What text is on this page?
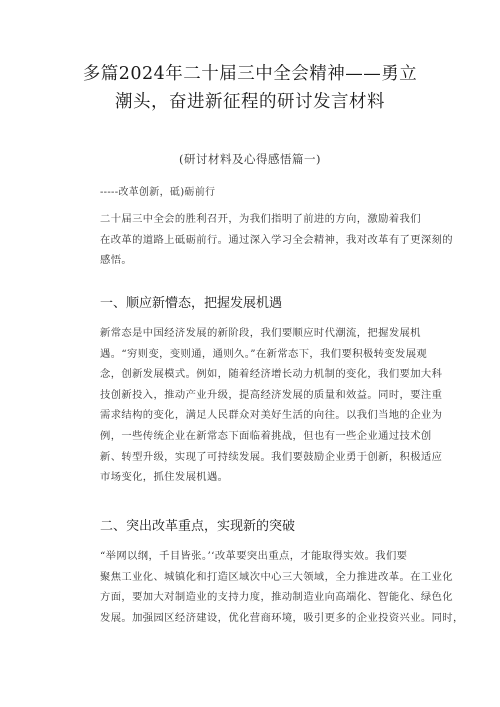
多篇2024年二十届三中全会精神——勇立
潮头，奋进新征程的研讨发言材料
(研讨材料及心得感悟篇一)
-----改革创新，砥)砺前行
二十届三中全会的胜利召开，为我们指明了前进的方向，激励着我们
在改革的道路上砥砺前行。通过深入学习全会精神，我对改革有了更深刻的
感悟。
一、顺应新懵态，把握发展机遇
新常态是中国经济发展的新阶段，我们要顺应时代潮流，把握发展机
遇。“穷则变，变则通，通则久。”在新常态下，我们要积极转变发展观
念，创新发展模式。例如，随着经济增长动力机制的变化，我们要加大科
技创新投入，推动产业升级，提高经济发展的质量和效益。同时，要注重
需求结构的变化，满足人民群众对美好生活的向往。以我们当地的企业为
例，一些传统企业在新常态下面临着挑战，但也有一些企业通过技术创
新、转型升级，实现了可持续发展。我们要鼓励企业勇于创新，积极适应
市场变化，抓住发展机遇。
二、突出改革重点，实现新的突破
“举网以纲，千目皆张。’‘改革要突出重点，才能取得实效。我们要
聚焦工业化、城镇化和打造区域次中心三大领域，全力推进改革。在工业化
方面，要加大对制造业的支持力度，推动制造业向高端化、智能化、绿色化
发展。加强园区经济建设，优化营商环境，吸引更多的企业投资兴业。同时，
